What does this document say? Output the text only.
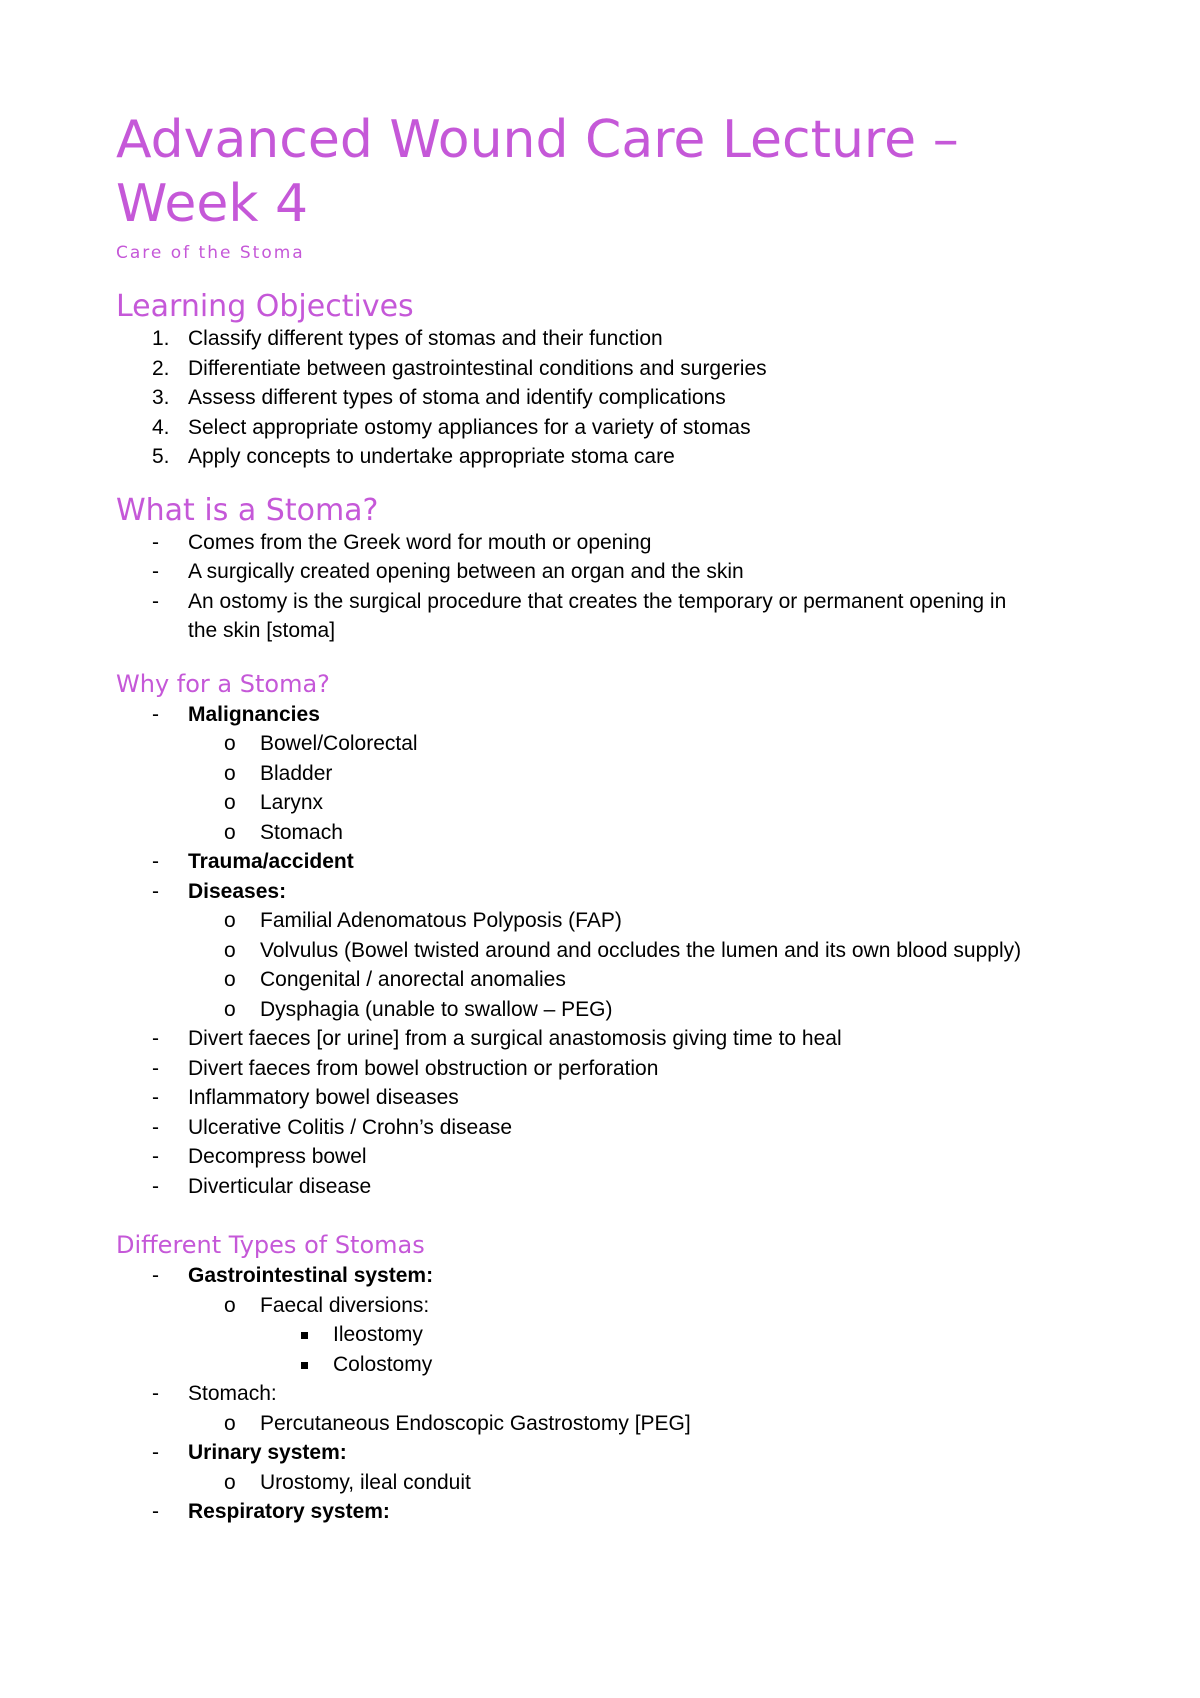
Advanced Wound Care Lecture –
Week 4
Care of the Stoma
Learning Objectives
1. Classify different types of stomas and their function
2. Differentiate between gastrointestinal conditions and surgeries
3. Assess different types of stoma and identify complications
4. Select appropriate ostomy appliances for a variety of stomas
5. Apply concepts to undertake appropriate stoma care
What is a Stoma?
- Comes from the Greek word for mouth or opening
- A surgically created opening between an organ and the skin
- An ostomy is the surgical procedure that creates the temporary or permanent opening in
the skin [stoma]
Why for a Stoma?
- Malignancies
o Bowel/Colorectal
o Bladder
o Larynx
o Stomach
- Trauma/accident
- Diseases:
o Familial Adenomatous Polyposis (FAP)
o Volvulus (Bowel twisted around and occludes the lumen and its own blood supply)
o Congenital / anorectal anomalies
o Dysphagia (unable to swallow – PEG)
- Divert faeces [or urine] from a surgical anastomosis giving time to heal
- Divert faeces from bowel obstruction or perforation
- Inflammatory bowel diseases
- Ulcerative Colitis / Crohn’s disease
- Decompress bowel
- Diverticular disease
Different Types of Stomas
- Gastrointestinal system:
o Faecal diversions:
Ileostomy
Colostomy
- Stomach:
o Percutaneous Endoscopic Gastrostomy [PEG]
- Urinary system:
o Urostomy, ileal conduit
- Respiratory system:
